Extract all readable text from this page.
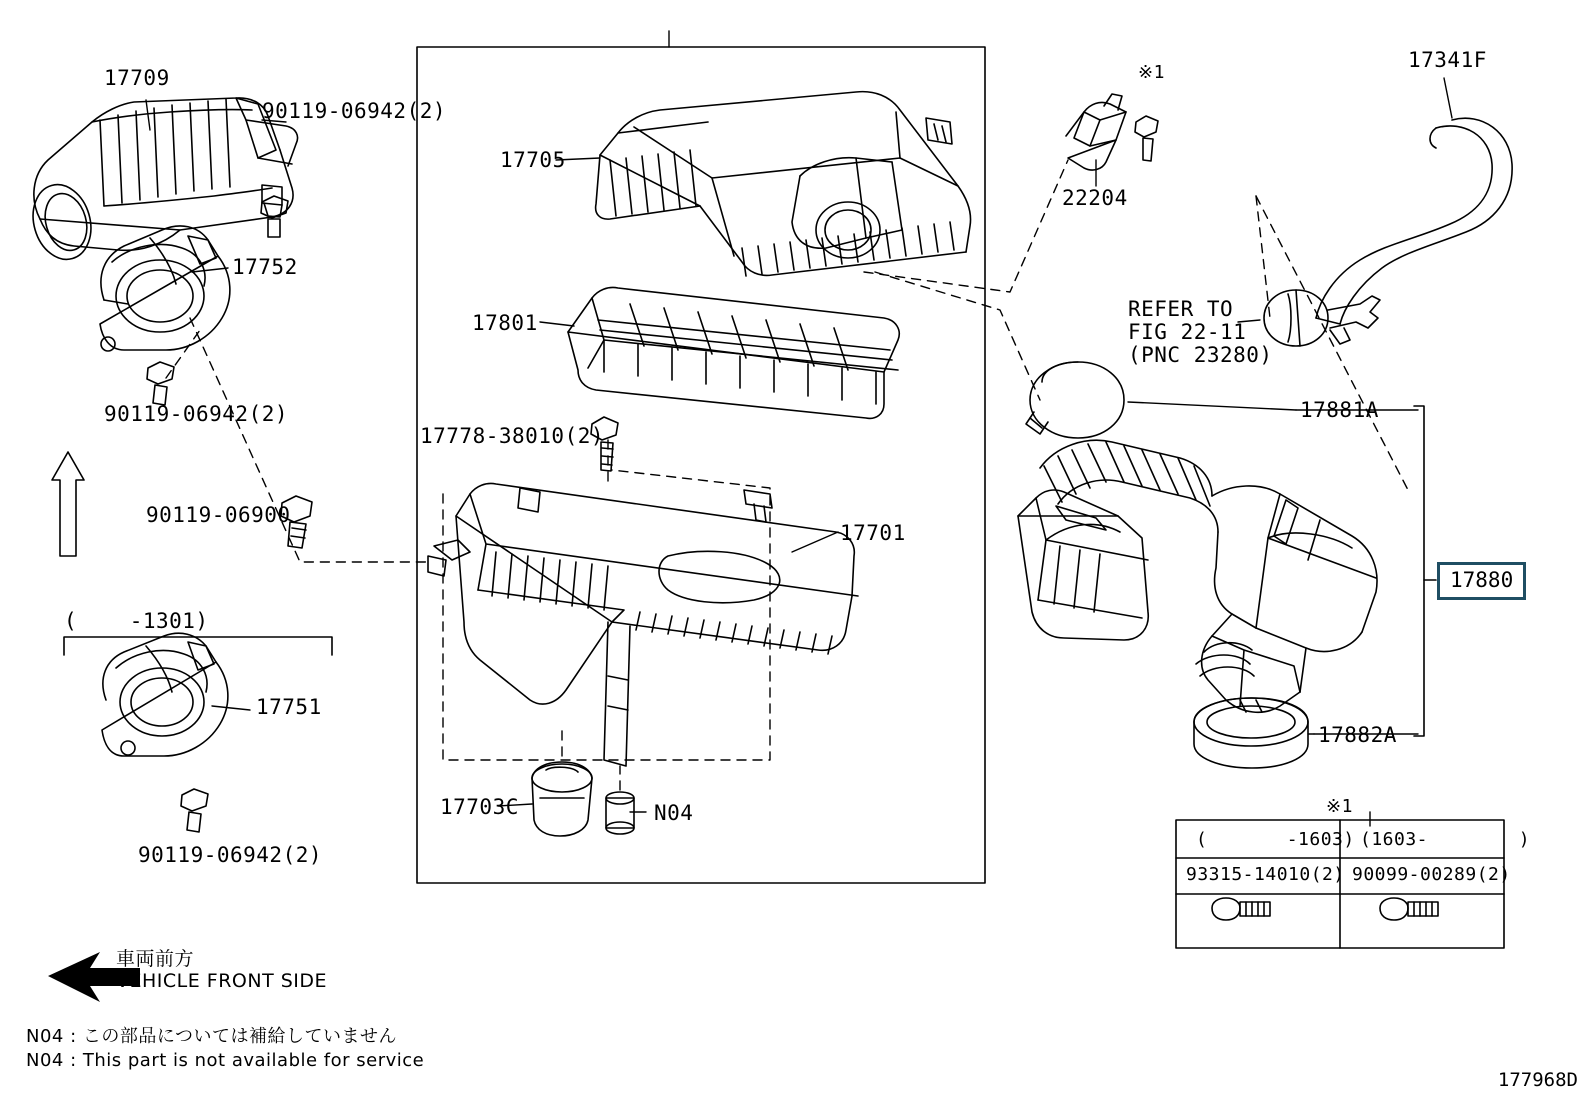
17709
90119-06942(2)
17752
90119-06942(2)
90119-06900
(    -1301)
17751
90119-06942(2)
17705
17801
17778-38010(2)
17701
17703C	N04
※1
22204
17341F
REFER TO
FIG 22-11
(PNC 23280)
17881A
17882A
17880
※1
(       -1603) (1603-        )
93315-14010(2) 90099-00289(2)
車両前方
VEHICLE FRONT SIDE
N04 : この部品については補給していません
N04 : This part is not available for service
177968D
